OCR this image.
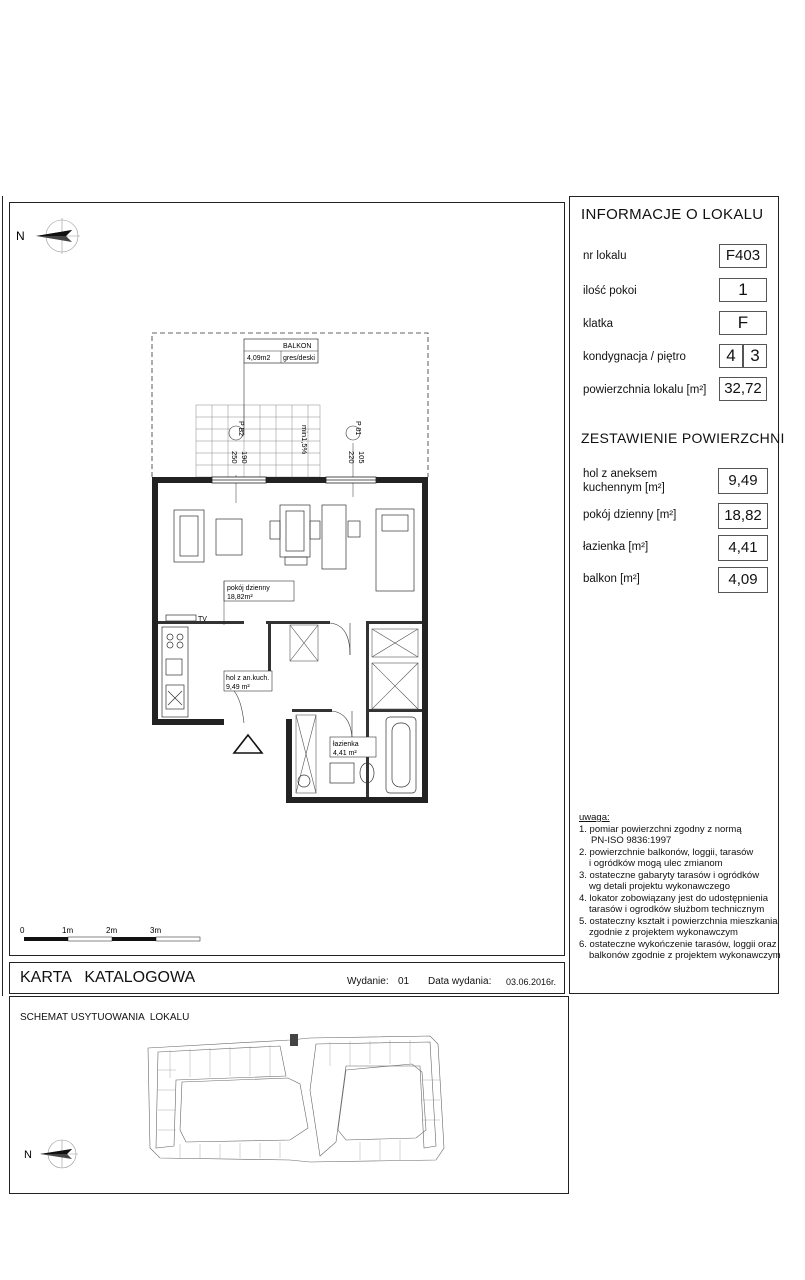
N
BALKON
4,09m2 gres/deski
P B2
190
250
min1,5%	P 01
105
220
TV
pokój dzienny
18,82m²
hol z an.kuch.
9,49 m²
łazienka
4,41 m²
0	1m	2m	3m
INFORMACJE O LOKALU
nr lokalu	F403
ilość pokoi	1
klatka	F
kondygnacja / piętro	4 3
powierzchnia lokalu [m²]	32,72
ZESTAWIENIE POWIERZCHNI
hol z aneksem
kuchennym [m²]	9,49
pokój dzienny [m²]	18,82
łazienka [m²]	4,41
balkon [m²]	4,09
uwaga:
1. pomiar powierzchni zgodny z normą
PN-ISO 9836:1997
2. powierzchnie balkonów, loggii, tarasów
i ogródków mogą ulec zmianom
3. ostateczne gabaryty tarasów i ogródków
wg detali projektu wykonawczego
4. lokator zobowiązany jest do udostępnienia
tarasów i ogrodków służbom technicznym
5. ostateczny kształt i powierzchnia mieszkania
zgodnie z projektem wykonawczym
6. ostateczne wykończenie tarasów, loggii oraz
balkonów zgodnie z projektem wykonawczym
KARTA   KATALOGOWA	Wydanie: 01 Data wydania: 03.06.2016r.
SCHEMAT USYTUOWANIA  LOKALU
N
